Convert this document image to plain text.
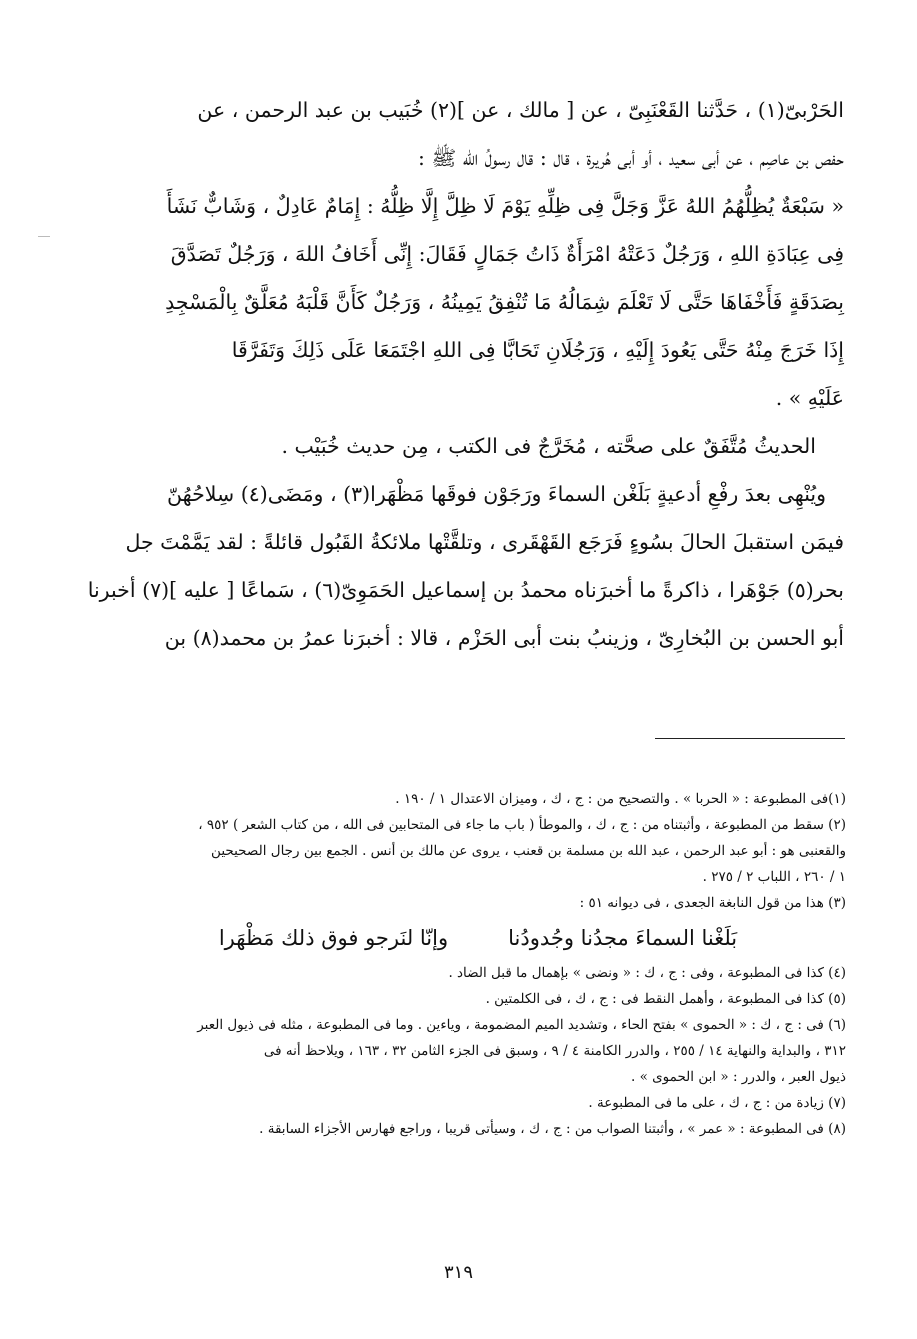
الحَرْبىّ(١) ، حَدَّثنا القَعْنَبِىّ ، عن [ مالك ، عن ](٢) خُبَيب بن عبد الرحمن ، عن
حفص بن عاصِم ، عن أبى سعيد ، أو أبى هُريرة ، قال : قال رسولُ الله ﷺ :
« سَبْعَةٌ يُظِلُّهُمُ اللهُ عَزَّ وَجَلَّ فِى ظِلِّهِ يَوْمَ لَا ظِلَّ إِلَّا ظِلُّهُ : إِمَامٌ عَادِلٌ ، وَشَابٌّ نَشَأَ
فِى عِبَادَةِ اللهِ ، وَرَجُلٌ دَعَتْهُ امْرَأَةٌ ذَاتُ جَمَالٍ فَقَالَ: إِنِّى أَخَافُ اللهَ ، وَرَجُلٌ تَصَدَّقَ
بِصَدَقَةٍ فَأَخْفَاهَا حَتَّى لَا تَعْلَمَ شِمَالُهُ مَا تُنْفِقُ يَمِينُهُ ، وَرَجُلٌ كَأَنَّ قَلْبَهُ مُعَلَّقٌ بِالْمَسْجِدِ
إِذَا خَرَجَ مِنْهُ حَتَّى يَعُودَ إِلَيْهِ ، وَرَجُلَانِ تَحَابَّا فِى اللهِ اجْتَمَعَا عَلَى ذَلِكَ وَتَفَرَّقَا
عَلَيْهِ » .
الحديثُ مُتَّفَقٌ على صحَّته ، مُخَرَّجٌ فى الكتب ، مِن حديث خُبَيْب .
ويُنْهِى بعدَ رفْعِ أدعيةٍ بَلَغْن السماءَ ورَجَوْن فوقَها مَظْهَرا(٣) ، ومَضَى(٤) سِلاحُهُنّ
فيمَن استقبلَ الحالَ بسُوءٍ فَرَجَع القَهْقَرى ، وتلقَّتْها ملائكةُ القَبُول قائلةً : لقد يَمَّمْتَ جل
بحر(٥) جَوْهَرا ، ذاكرةً ما أخبرَناه محمدُ بن إسماعيل الحَمَوِىّ(٦) ، سَماعًا [ عليه ](٧) أخبرنا
أبو الحسن بن البُخارِىّ ، وزينبُ بنت أبى الحَزْم ، قالا : أخبرَنا عمرُ بن محمد(٨) بن
(١)فى المطبوعة : « الحربا » . والتصحيح من : ج ، ك ، وميزان الاعتدال ١ / ١٩٠ .
(٢) سقط من المطبوعة ، وأثبتناه من : ج ، ك ، والموطأ ( باب ما جاء فى المتحابين فى الله ، من كتاب الشعر ) ٩٥٢ ،
والقعنبى هو : أبو عبد الرحمن ، عبد الله بن مسلمة بن قعنب ، يروى عن مالك بن أنس . الجمع بين رجال الصحيحين
١ / ٢٦٠ ، اللباب ٢ / ٢٧٥ .
(٣) هذا من قول النابغة الجعدى ، فى ديوانه ٥١ :
بَلَغْنا السماءَ مجدُنا وجُدودُنا
وإنّا لنَرجو فوق ذلك مَظْهَرا
(٤) كذا فى المطبوعة ، وفى : ج ، ك : « ونضى » بإهمال ما قبل الضاد .
(٥) كذا فى المطبوعة ، وأهمل النقط فى : ج ، ك ، فى الكلمتين .
(٦) فى : ج ، ك : « الحموى » بفتح الحاء ، وتشديد الميم المضمومة ، وياءين . وما فى المطبوعة ، مثله فى ذيول العبر
٣١٢ ، والبداية والنهاية ١٤ / ٢٥٥ ، والدرر الكامنة ٤ / ٩ ، وسبق فى الجزء الثامن ٣٢ ، ١٦٣ ، ويلاحظ أنه فى
ذيول العبر ، والدرر : « ابن الحموى » .
(٧) زيادة من : ج ، ك ، على ما فى المطبوعة .
(٨) فى المطبوعة : « عمر » ، وأثبتنا الصواب من : ج ، ك ، وسيأتى قريبا ، وراجع فهارس الأجزاء السابقة .
٣١٩
